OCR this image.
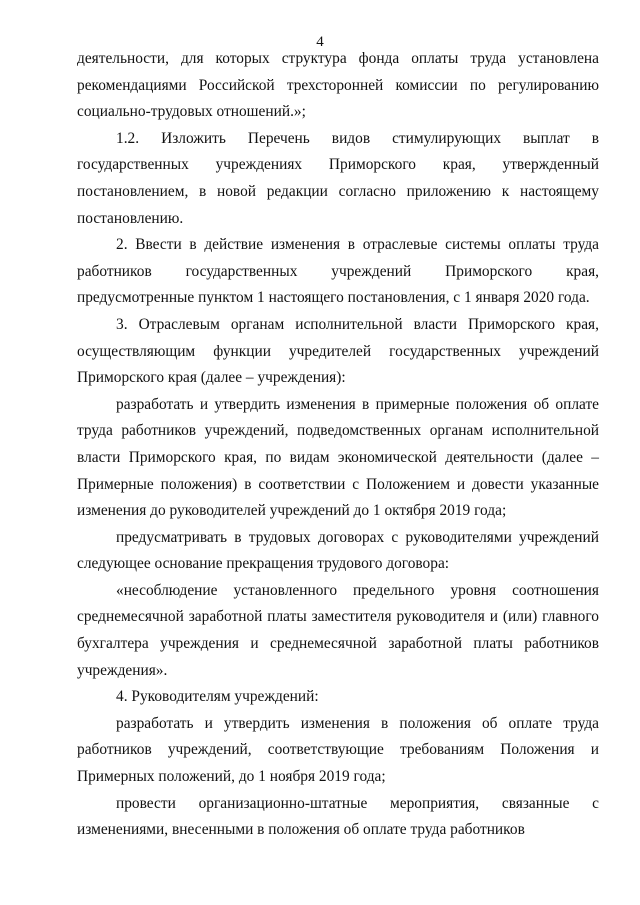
4

деятельности, для которых структура фонда оплаты труда установлена рекомендациями Российской трехсторонней комиссии по регулированию социально-трудовых отношений.»;

1.2. Изложить Перечень видов стимулирующих выплат в государственных учреждениях Приморского края, утвержденный постановлением, в новой редакции согласно приложению к настоящему постановлению.

2. Ввести в действие изменения в отраслевые системы оплаты труда работников государственных учреждений Приморского края, предусмотренные пунктом 1 настоящего постановления, с 1 января 2020 года.

3. Отраслевым органам исполнительной власти Приморского края, осуществляющим функции учредителей государственных учреждений Приморского края (далее – учреждения):

разработать и утвердить изменения в примерные положения об оплате труда работников учреждений, подведомственных органам исполнительной власти Приморского края, по видам экономической деятельности (далее – Примерные положения) в соответствии с Положением и довести указанные изменения до руководителей учреждений до 1 октября 2019 года;

предусматривать в трудовых договорах с руководителями учреждений следующее основание прекращения трудового договора:

«несоблюдение установленного предельного уровня соотношения среднемесячной заработной платы заместителя руководителя и (или) главного бухгалтера учреждения и среднемесячной заработной платы работников учреждения».

4. Руководителям учреждений:

разработать и утвердить изменения в положения об оплате труда работников учреждений, соответствующие требованиям Положения и Примерных положений, до 1 ноября 2019 года;

провести организационно-штатные мероприятия, связанные с изменениями, внесенными в положения об оплате труда работников
